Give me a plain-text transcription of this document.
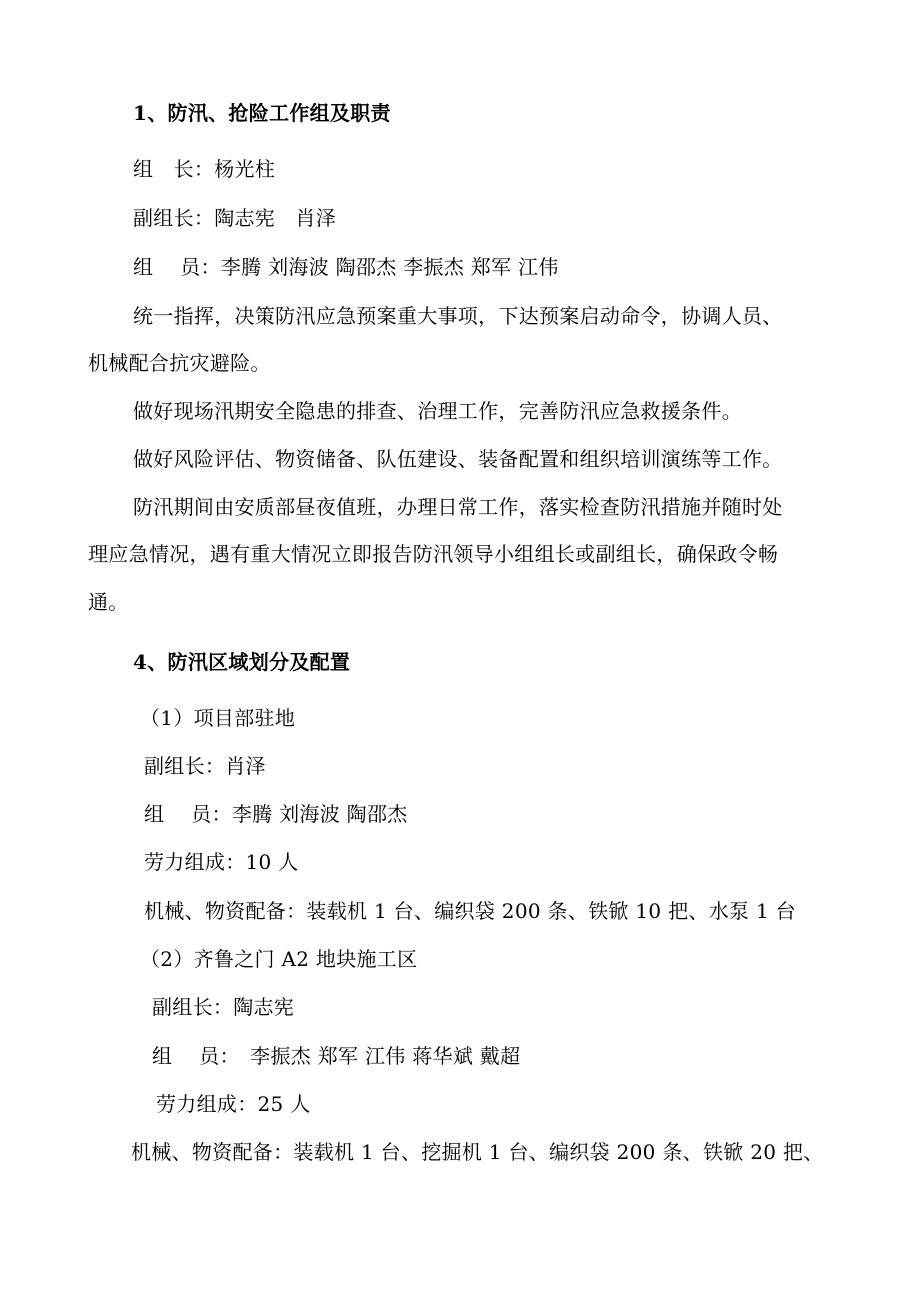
1、防汛、抢险工作组及职责
组　长：杨光柱
副组长：陶志宪　肖泽
组　 员：李腾 刘海波 陶邵杰 李振杰 郑军 江伟
统一指挥，决策防汛应急预案重大事项，下达预案启动命令，协调人员、
机械配合抗灾避险。
做好现场汛期安全隐患的排查、治理工作，完善防汛应急救援条件。
做好风险评估、物资储备、队伍建设、装备配置和组织培训演练等工作。
防汛期间由安质部昼夜值班，办理日常工作，落实检查防汛措施并随时处
理应急情况，遇有重大情况立即报告防汛领导小组组长或副组长，确保政令畅
通。
4、防汛区域划分及配置
（1）项目部驻地
副组长：肖泽
组　 员：李腾 刘海波 陶邵杰
劳力组成：10 人
机械、物资配备：装载机 1 台、编织袋 200 条、铁锨 10 把、水泵 1 台
（2）齐鲁之门 A2 地块施工区
副组长：陶志宪
组　 员：　李振杰 郑军 江伟 蒋华斌 戴超
劳力组成：25 人
机械、物资配备：装载机 1 台、挖掘机 1 台、编织袋 200 条、铁锨 20 把、
